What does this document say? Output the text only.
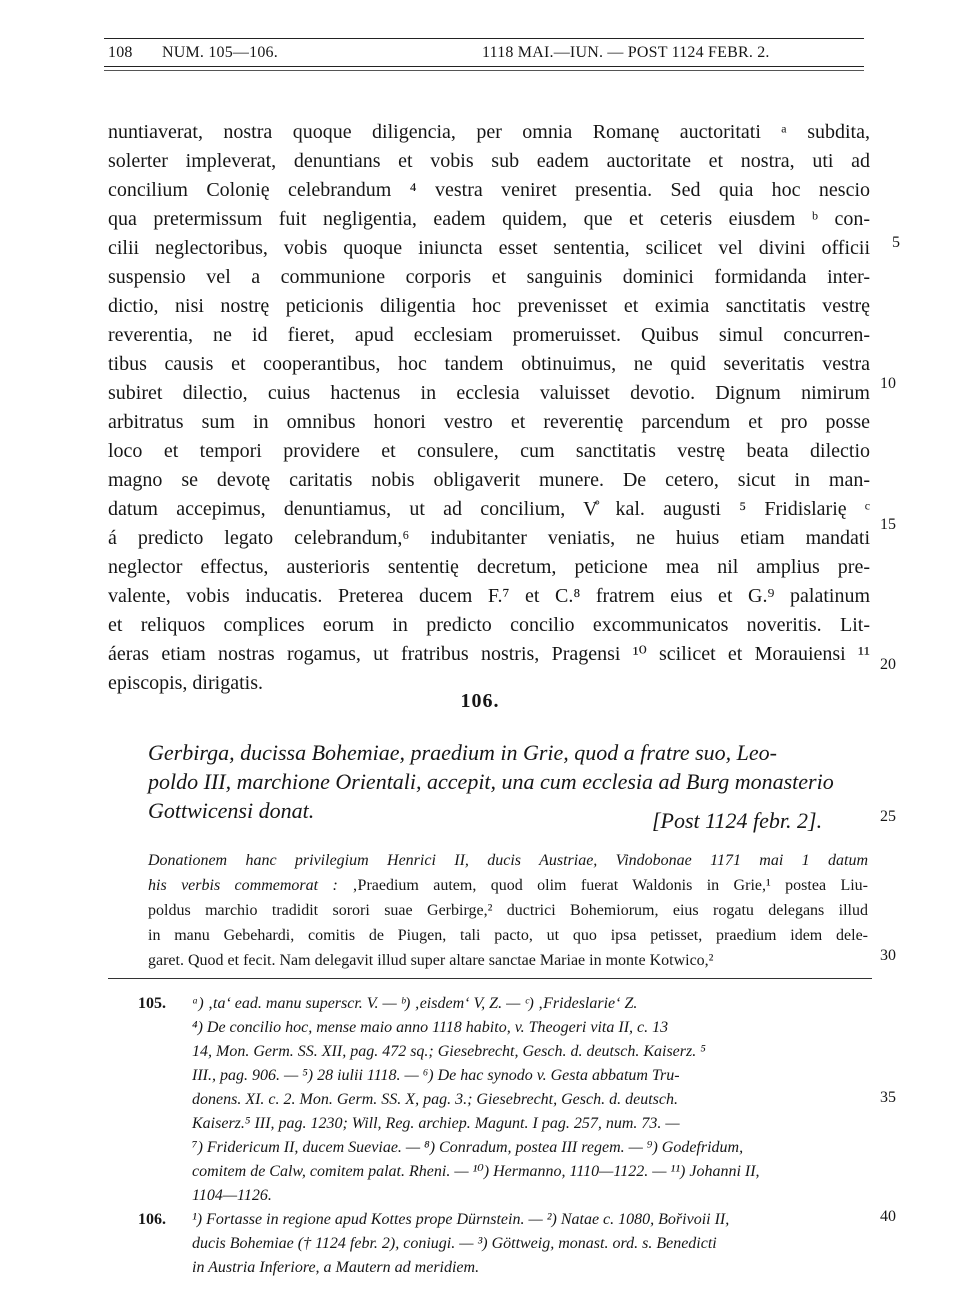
108 NUM. 105—106.	1118 MAI.—IUN. — POST 1124 FEBR. 2.
nuntiaverat, nostra quoque diligencia, per omnia Romanę auctoritati ᵃ subdita,
solerter impleverat, denuntians et vobis sub eadem auctoritate et nostra, uti ad
concilium Colonię celebrandum ⁴ vestra veniret presentia. Sed quia hoc nescio
qua pretermissum fuit negligentia, eadem quidem, que et ceteris eiusdem ᵇ con-
cilii neglectoribus, vobis quoque iniuncta esset sententia, scilicet vel divini officii
suspensio vel a communione corporis et sanguinis dominici formidanda inter-
dictio, nisi nostrę peticionis diligentia hoc prevenisset et eximia sanctitatis vestrę
reverentia, ne id fieret, apud ecclesiam promeruisset. Quibus simul concurren-
tibus causis et cooperantibus, hoc tandem obtinuimus, ne quid severitatis vestra
subiret dilectio, cuius hactenus in ecclesia valuisset devotio. Dignum nimirum
arbitratus sum in omnibus honori vestro et reverentię parcendum et pro posse
loco et tempori providere et consulere, cum sanctitatis vestrę beata dilectio
magno se devotę caritatis nobis obligaverit munere. De cetero, sicut in man-
datum accepimus, denuntiamus, ut ad concilium, V̊ kal. augusti ⁵ Fridislarię ᶜ
á predicto legato celebrandum,⁶ indubitanter veniatis, ne huius etiam mandati
neglector effectus, austerioris sententię decretum, peticione mea nil amplius pre-
valente, vobis inducatis. Preterea ducem F.⁷ et C.⁸ fratrem eius et G.⁹ palatinum
et reliquos complices eorum in predicto concilio excommunicatos noveritis. Lit-
áeras etiam nostras rogamus, ut fratribus nostris, Pragensi ¹⁰ scilicet et Morauiensi ¹¹
episcopis, dirigatis.
5
10
15
20
25
30
35
40
106.
Gerbirga, ducissa Bohemiae, praedium in Grie, quod a fratre suo, Leo-
poldo III, marchione Orientali, accepit, una cum ecclesia ad Burg monasterio
Gottwicensi donat.	[Post 1124 febr. 2].
Donationem hanc privilegium Henrici II, ducis Austriae, Vindobonae 1171 mai 1 datum
his verbis commemorat : ‚Praedium autem, quod olim fuerat Waldonis in Grie,¹ postea Liu-
poldus marchio tradidit sorori suae Gerbirge,² ductrici Bohemiorum, eius rogatu delegans illud
in manu Gebehardi, comitis de Piugen, tali pacto, ut quo ipsa petisset, praedium idem dele-
garet. Quod et fecit. Nam delegavit illud super altare sanctae Mariae in monte Kotwico,²
105.	ᵃ) ‚ta‘ ead. manu superscr. V. — ᵇ) ‚eisdem‘ V, Z. — ᶜ) ‚Frideslarie‘ Z.
⁴) De concilio hoc, mense maio anno 1118 habito, v. Theogeri vita II, c. 13
14, Mon. Germ. SS. XII, pag. 472 sq.; Giesebrecht, Gesch. d. deutsch. Kaiserz. ⁵
III., pag. 906. — ⁵) 28 iulii 1118. — ⁶) De hac synodo v. Gesta abbatum Tru-
donens. XI. c. 2. Mon. Germ. SS. X, pag. 3.; Giesebrecht, Gesch. d. deutsch.
Kaiserz.⁵ III, pag. 1230; Will, Reg. archiep. Magunt. I pag. 257, num. 73. —
⁷) Fridericum II, ducem Sueviae. — ⁸) Conradum, postea III regem. — ⁹) Godefridum,
comitem de Calw, comitem palat. Rheni. — ¹⁰) Hermanno, 1110—1122. — ¹¹) Johanni II,
1104—1126.
106.	¹) Fortasse in regione apud Kottes prope Dürnstein. — ²) Natae c. 1080, Bořivoii II,
ducis Bohemiae († 1124 febr. 2), coniugi. — ³) Göttweig, monast. ord. s. Benedicti
in Austria Inferiore, a Mautern ad meridiem.
